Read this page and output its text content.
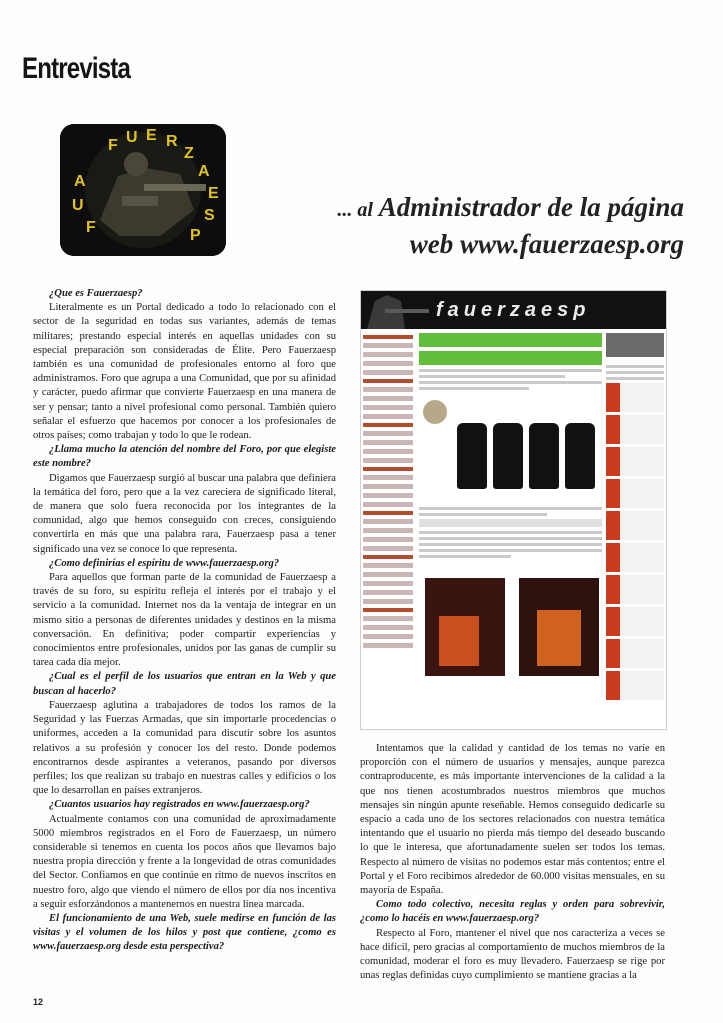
Entrevista
F U E R
Z
A
E
S
P
A
U
F
... al Administrador de la página
web www.fauerzaesp.org

¿Que es Fauerzaesp?

Literalmente es un Portal dedicado a todo lo relacionado con el sector de la seguridad en todas sus variantes, además de temas militares; prestando especial interés en aquellas unidades con su especial preparación son consideradas de Élite. Pero Fauerzaesp también es una comunidad de profesionales entorno al foro que administramos. Foro que agrupa a una Comunidad, que por su afinidad y carácter, puedo afirmar que convierte Fauerzaesp en una manera de ser y pensar; tanto a nivel profesional como personal. También quiero señalar el esfuerzo que hacemos por conocer a los profesionales de otros países; como trabajan y todo lo que le rodean.

¿Llama mucho la atención del nombre del Foro, por que elegiste este nombre?

Digamos que Fauerzaesp surgió al buscar una palabra que definiera la temática del foro, pero que a la vez careciera de significado literal, de manera que solo fuera reconocida por los integrantes de la comunidad, algo que hemos conseguido con creces, consiguiendo convertirla en más que una palabra rara, Fauerzaesp pasa a tener significado una vez se conoce lo que representa.

¿Como definirías el espíritu de www.fauerzaesp.org?

Para aquellos que forman parte de la comunidad de Fauerzaesp a través de su foro, su espíritu refleja el interés por el trabajo y el servicio a la comunidad. Internet nos da la ventaja de integrar en un mismo sitio a personas de diferentes unidades y destinos en la misma conversación. En definitiva; poder compartir experiencias y conocimientos entre profesionales, unidos por las ganas de cumplir su tarea cada día mejor.

¿Cual es el perfil de los usuarios que entran en la Web y que buscan al hacerlo?

Fauerzaesp aglutina a trabajadores de todos los ramos de la Seguridad y las Fuerzas Armadas, que sin importarle procedencias o uniformes, acceden a la comunidad para discutir sobre los asuntos relativos a su profesión y conocer los del resto. Donde podemos encontrarnos desde aspirantes a veteranos, pasando por diversos perfiles; los que realizan su trabajo en nuestras calles y edificios o los que lo desarrollan en países extranjeros.

¿Cuantos usuarios hay registrados en www.fauerzaesp.org?

Actualmente contamos con una comunidad de aproximadamente 5000 miembros registrados en el Foro de Fauerzaesp, un número considerable si tenemos en cuenta los pocos años que llevamos bajo nuestra propia dirección y frente a la longevidad de otras comunidades del Sector. Confiamos en que continúe en ritmo de nuevos inscritos en nuestro foro, algo que viendo el número de ellos por día nos incentiva a seguir esforzándonos a mantenernos en nuestra línea marcada.

El funcionamiento de una Web, suele medirse en función de las visitas y el volumen de los hilos y post que contiene, ¿como es www.fauerzaesp.org desde esta perspectiva?

fauerzaesp

Intentamos que la calidad y cantidad de los temas no varíe en proporción con el número de usuarios y mensajes, aunque parezca contraproducente, es más importante intervenciones de la calidad a la que nos tienen acostumbrados nuestros miembros que muchos mensajes sin ningún apunte reseñable. Hemos conseguido dedicarle su espacio a cada uno de los sectores relacionados con nuestra temática intentando que el usuario no pierda más tiempo del deseado buscando lo que le interesa, que afortunadamente suelen ser todos los temas. Respecto al número de visitas no podemos estar más contentos; entre el Portal y el Foro recibimos alrededor de 60.000 visitas mensuales, en su mayoría de España.

Como todo colectivo, necesita reglas y orden para sobrevivir, ¿como lo hacéis en www.fauerzaesp.org?

Respecto al Foro, mantener el nivel que nos caracteriza a veces se hace difícil, pero gracias al comportamiento de muchos miembros de la comunidad, moderar el foro es muy llevadero. Fauerzaesp se rige por unas reglas definidas cuyo cumplimiento se mantiene gracias a la

12
